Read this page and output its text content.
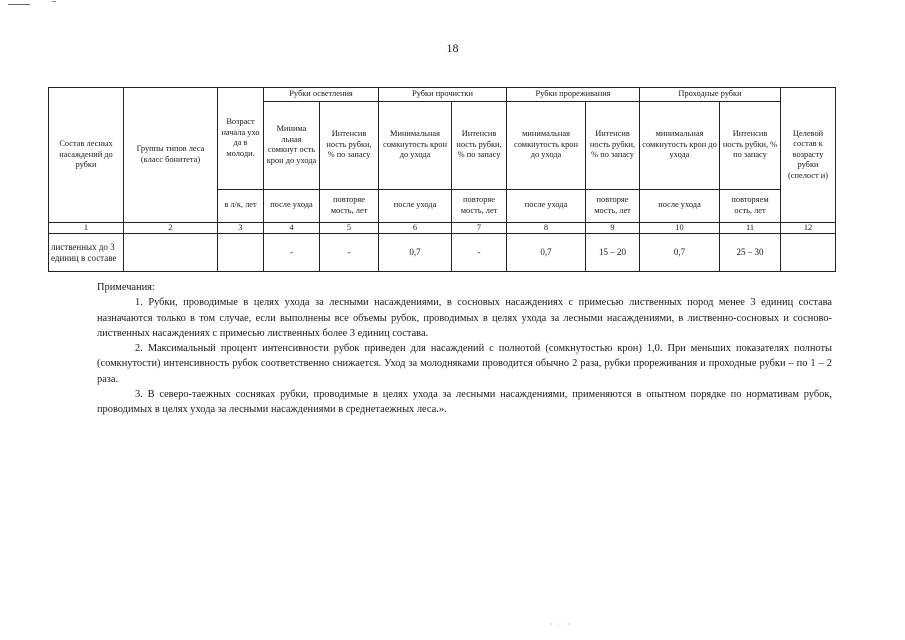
18
Состав лесных насаждений до рубки	Группы типов леса (класс бонитета)	Возраст начала ухо да в молоди.	Рубки осветления		Рубки прочистки		Рубки прореживания		Проходные рубки		Целевой состав к возрасту рубки (спелост и)
			Минима льная сомкнут ость крон до ухода	Интенсив ность рубки, % по запасу	Минимальная сомкнутость крон до ухода	Интенсив ность рубки, % по запасу	минимальная сомкнутость крон до ухода	Интенсив ность рубки, % по запасу	минимальная сомкнутость крон до ухода	Интенсив ность рубки, % по запасу	
		в л/к, лет	после ухода	повторяе мость, лет	после ухода	повторяе мость, лет	после ухода	повторяе мость, лет	после ухода	повторяем ость, лет	
1	2	3	4	5	6	7	8	9	10	11	12
лиственных до 3 единиц в составе			-	-	0,7	-	0,7	15 – 20	0,7	25 – 30	

Примечания:

1. Рубки, проводимые в целях ухода за лесными насаждениями, в сосновых насаждениях с примесью лиственных пород менее 3 единиц состава назначаются только в том случае, если выполнены все объемы рубок, проводимых в целях ухода за лесными насаждениями, в лиственно-сосновых и сосново-лиственных насаждениях с примесью лиственных более 3 единиц состава.

2. Максимальный процент интенсивности рубок приведен для насаждений с полнотой (сомкнутостью крон) 1,0. При меньших показателях полноты (сомкнутости) интенсивность рубок соответственно снижается. Уход за молодняками проводится обычно 2 раза, рубки прореживания и проходные рубки – по 1 – 2 раза.

3. В северо-таежных сосняках рубки, проводимые в целях ухода за лесными насаждениями, применяются в опытном порядке по нормативам рубок, проводимых в целях ухода за лесными насаждениями в среднетаежных леса.».

· · ·
